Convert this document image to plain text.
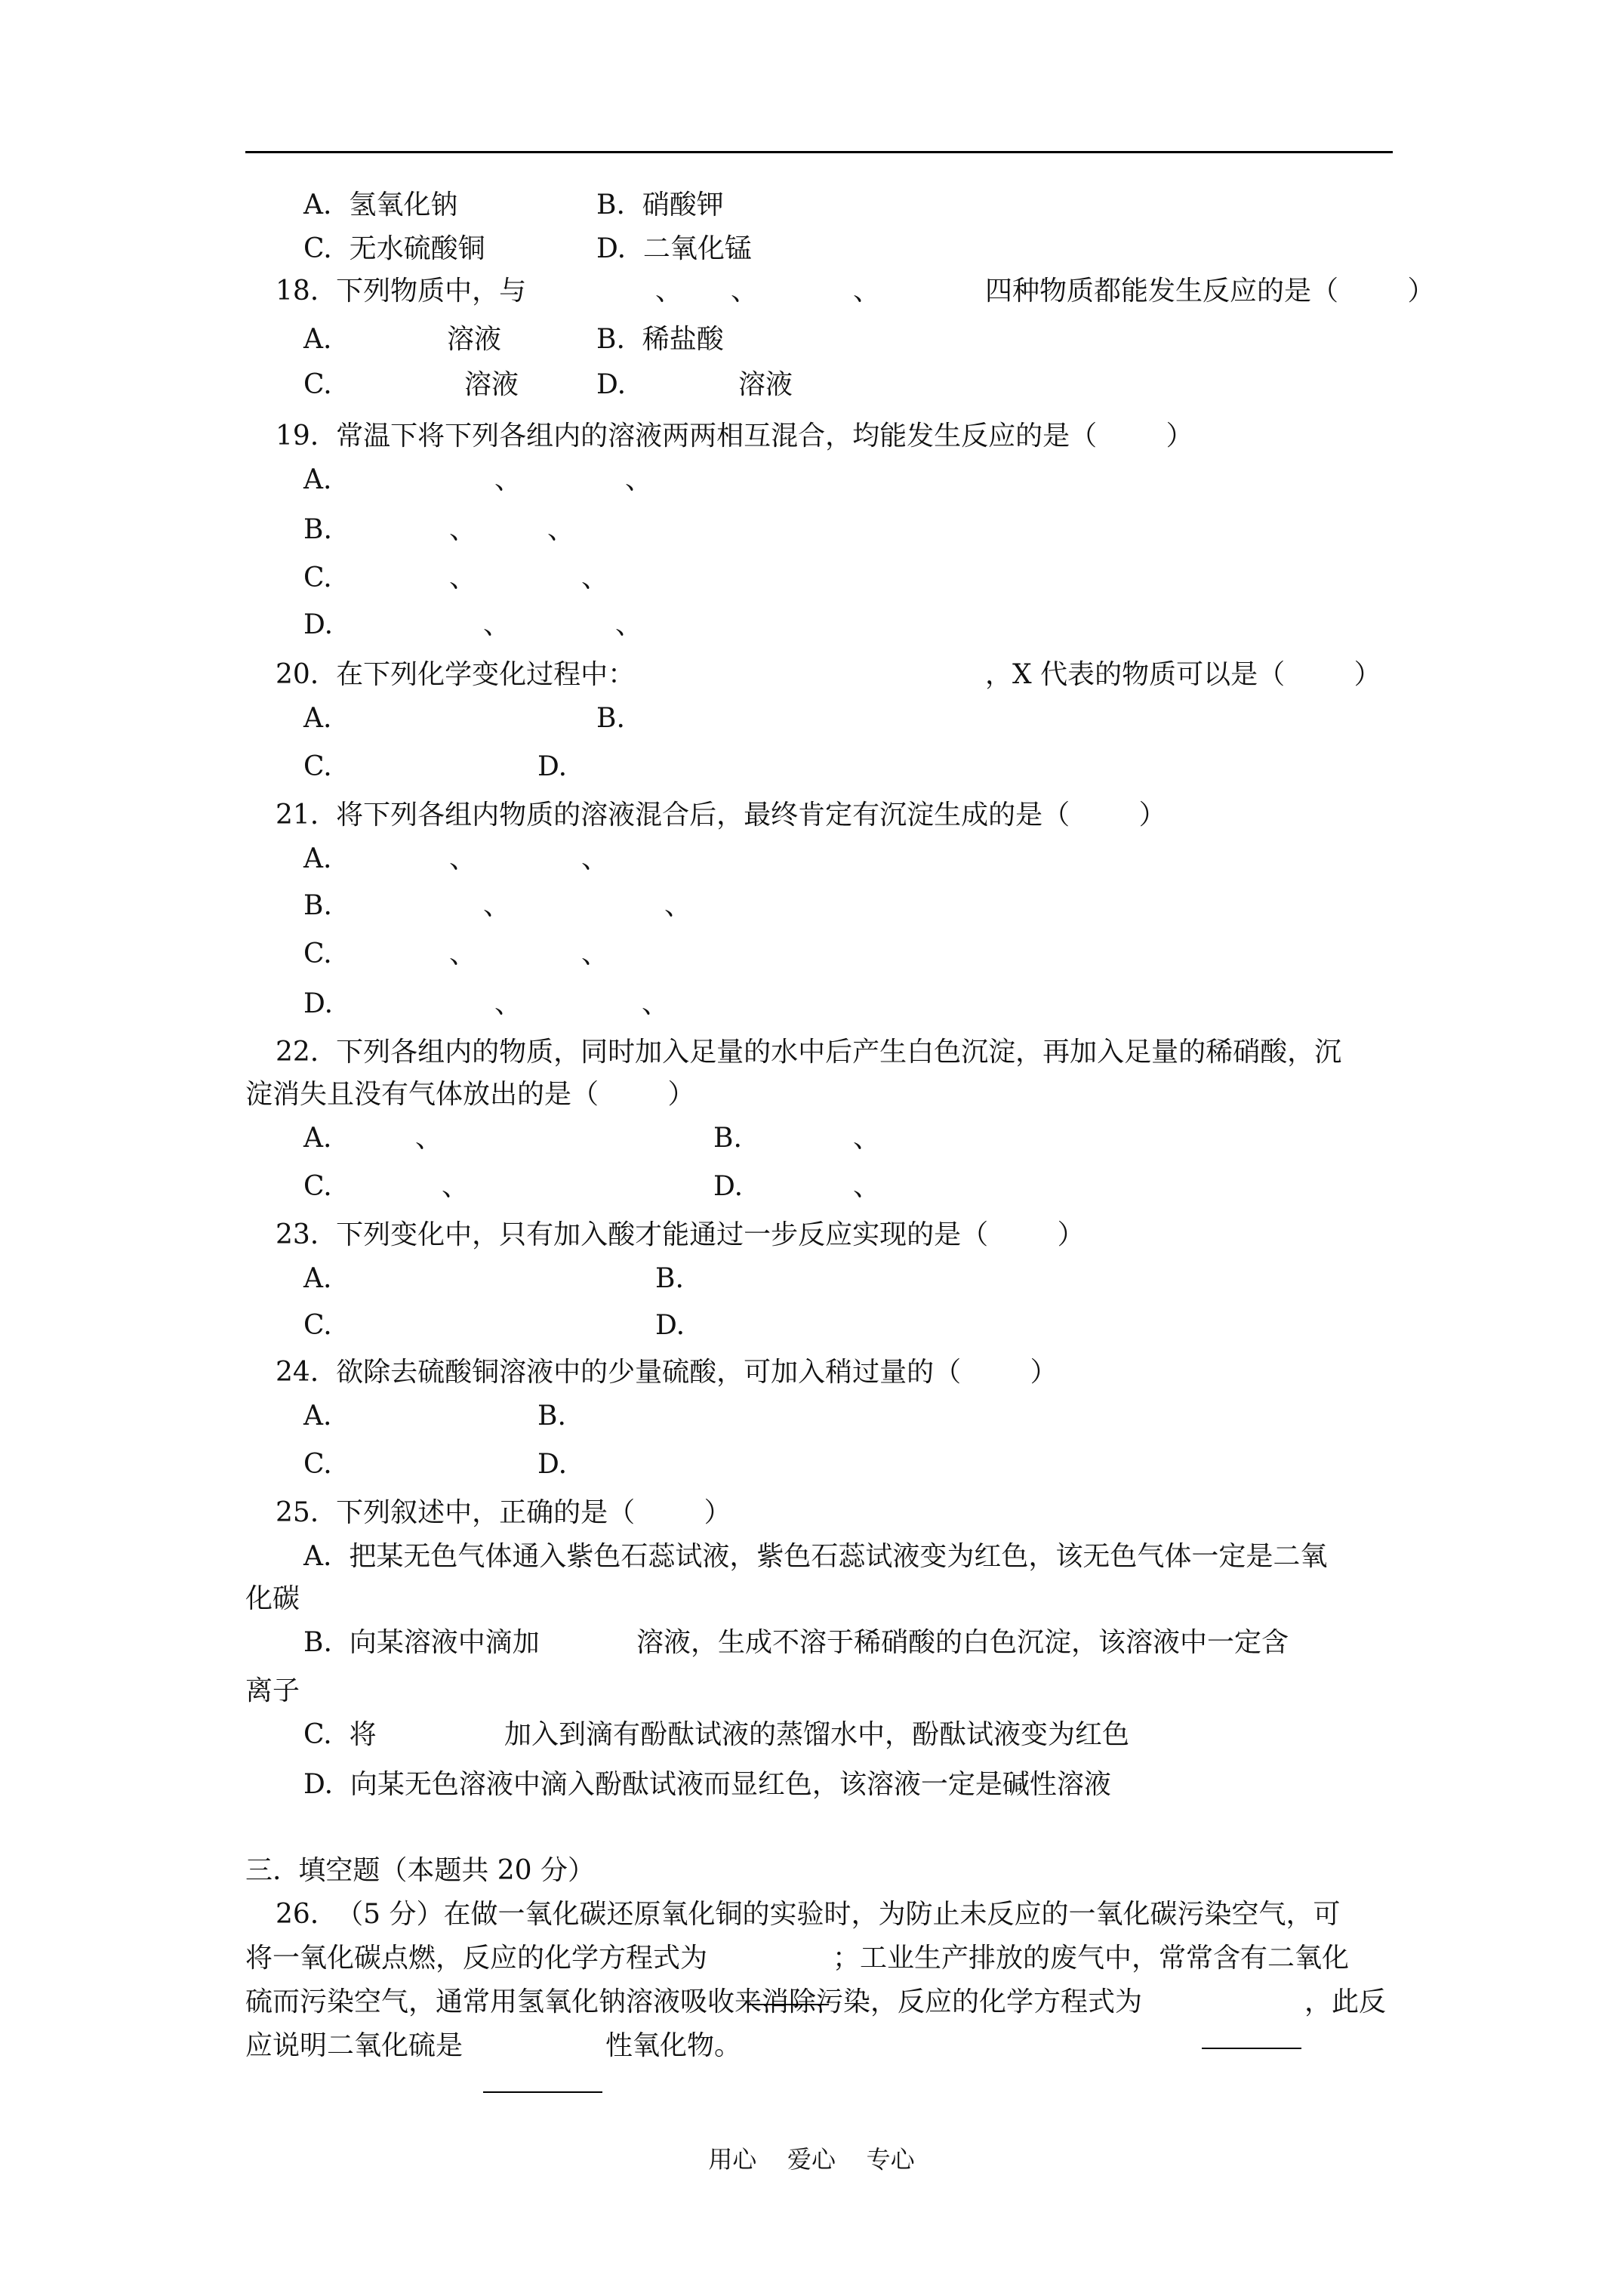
A.  氢氧化钠	B.  硝酸钾
C.  无水硫酸铜	D.  二氧化锰
18.  下列物质中，与	、 、	、	四种物质都能发生反应的是（        ）
A.	溶液	B.  稀盐酸
C.	溶液	D.	溶液
19.  常温下将下列各组内的溶液两两相互混合，均能发生反应的是（        ）
A.	、	、
B.	、	、
C.	、	、
D.	、	、
20.  在下列化学变化过程中：	，X 代表的物质可以是（        ）
A.	B.
C.	D.
21.  将下列各组内物质的溶液混合后，最终肯定有沉淀生成的是（        ）
A.	、	、
B.	、	、
C.	、	、
D.	、	、
22.  下列各组内的物质，同时加入足量的水中后产生白色沉淀，再加入足量的稀硝酸，沉
淀消失且没有气体放出的是（        ）
A.	、	B.	、
C.	、	D.	、
23.  下列变化中，只有加入酸才能通过一步反应实现的是（        ）
A.	B.
C.	D.
24.  欲除去硫酸铜溶液中的少量硫酸，可加入稍过量的（        ）
A.	B.
C.	D.
25.  下列叙述中，正确的是（        ）
A.  把某无色气体通入紫色石蕊试液，紫色石蕊试液变为红色，该无色气体一定是二氧
化碳
B.  向某溶液中滴加	溶液，生成不溶于稀硝酸的白色沉淀，该溶液中一定含
离子
C.  将	加入到滴有酚酞试液的蒸馏水中，酚酞试液变为红色
D.  向某无色溶液中滴入酚酞试液而显红色，该溶液一定是碱性溶液
三.  填空题（本题共 20 分）
26.  （5 分）在做一氧化碳还原氧化铜的实验时，为防止未反应的一氧化碳污染空气，可
将一氧化碳点燃，反应的化学方程式为	；工业生产排放的废气中，常常含有二氧化
硫而污染空气，通常用氢氧化钠溶液吸收来消除污染，反应的化学方程式为	，此反
应说明二氧化硫是	性氧化物。
用心    爱心    专心
